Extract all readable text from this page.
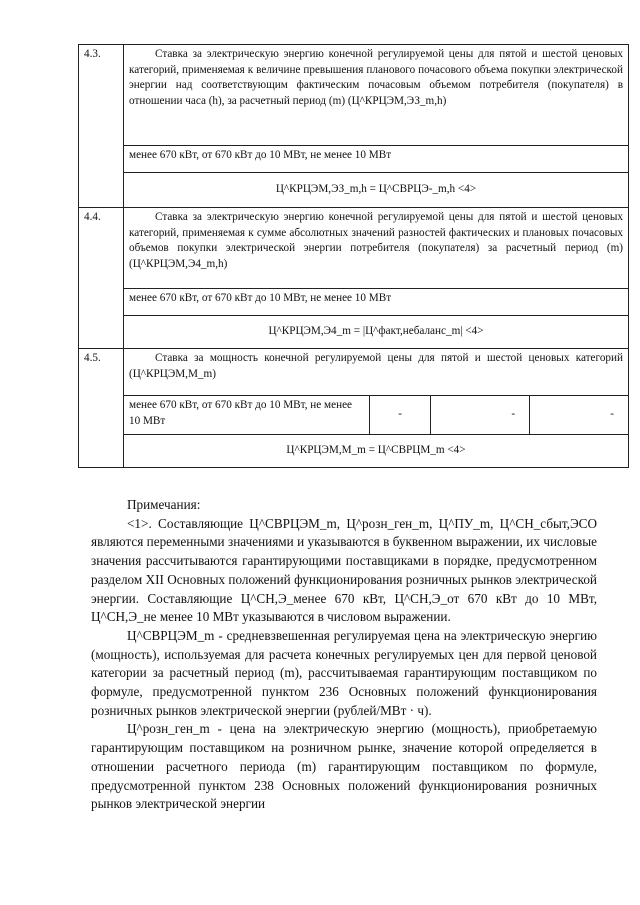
4.3.	Ставка за электрическую энергию конечной регулируемой цены для пятой и шестой ценовых категорий, применяемая к величине превышения планового почасового объема покупки электрической энергии над соответствующим фактическим почасовым объемом потребителя (покупателя) в отношении часа (h), за расчетный период (m) (Ц^КРЦЭМ,ЭЗ_m,h)			
	менее 670 кВт, от 670 кВт до 10 МВт, не менее 10 МВт			
	Ц^КРЦЭМ,ЭЗ_m,h = Ц^СВРЦЭ-_m,h <4>			
4.4.	Ставка за электрическую энергию конечной регулируемой цены для пятой и шестой ценовых категорий, применяемая к сумме абсолютных значений разностей фактических и плановых почасовых объемов покупки электрической энергии потребителя (покупателя) за расчетный период (m) (Ц^КРЦЭМ,Э4_m,h)			
	менее 670 кВт, от 670 кВт до 10 МВт, не менее 10 МВт			
	Ц^КРЦЭМ,Э4_m = |Ц^факт,небаланс_m| <4>			
4.5.	Ставка за мощность конечной регулируемой цены для пятой и шестой ценовых категорий (Ц^КРЦЭМ,М_m)			
	менее 670 кВт, от 670 кВт до 10 МВт, не менее 10 МВт	-	-	-
	Ц^КРЦЭМ,М_m = Ц^СВРЦМ_m <4>			

Примечания:

<1>. Составляющие Ц^СВРЦЭМ_m, Ц^розн_ген_m, Ц^ПУ_m, Ц^СН_сбыт,ЭСО являются переменными значениями и указываются в буквенном выражении, их числовые значения рассчитываются гарантирующими поставщиками в порядке, предусмотренном разделом XII Основных положений функционирования розничных рынков электрической энергии. Составляющие Ц^СН,Э_менее 670 кВт, Ц^СН,Э_от 670 кВт до 10 МВт, Ц^СН,Э_не менее 10 МВт указываются в числовом выражении.

Ц^СВРЦЭМ_m - средневзвешенная регулируемая цена на электрическую энергию (мощность), используемая для расчета конечных регулируемых цен для первой ценовой категории за расчетный период (m), рассчитываемая гарантирующим поставщиком по формуле, предусмотренной пунктом 236 Основных положений функционирования розничных рынков электрической энергии (рублей/МВт · ч).

Ц^розн_ген_m - цена на электрическую энергию (мощность), приобретаемую гарантирующим поставщиком на розничном рынке, значение которой определяется в отношении расчетного периода (m) гарантирующим поставщиком по формуле, предусмотренной пунктом 238 Основных положений функционирования розничных рынков электрической энергии
